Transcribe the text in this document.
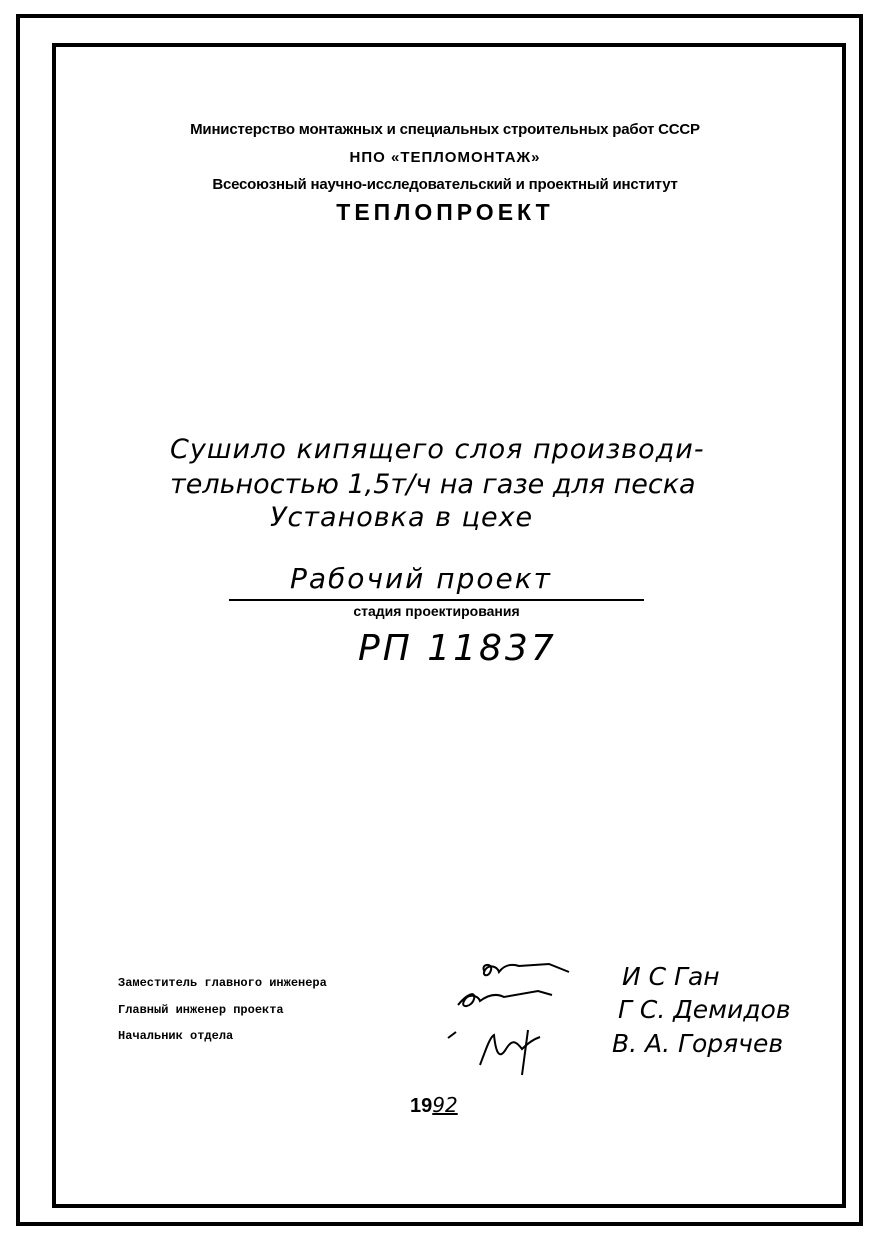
Министерство монтажных и специальных строительных работ СССР
НПО «ТЕПЛОМОНТАЖ»
Всесоюзный научно-исследовательский и проектный институт
ТЕПЛОПРОЕКТ
Сушило кипящего слоя производи-
тельностью 1,5т/ч на газе для песка
Установка в цехе
Рабочий проект
стадия проектирования
РП 11837
Заместитель главного инженера
Главный инженер проекта
Начальник отдела
И С Ган
Г С. Демидов
В. А. Горячев
1992
